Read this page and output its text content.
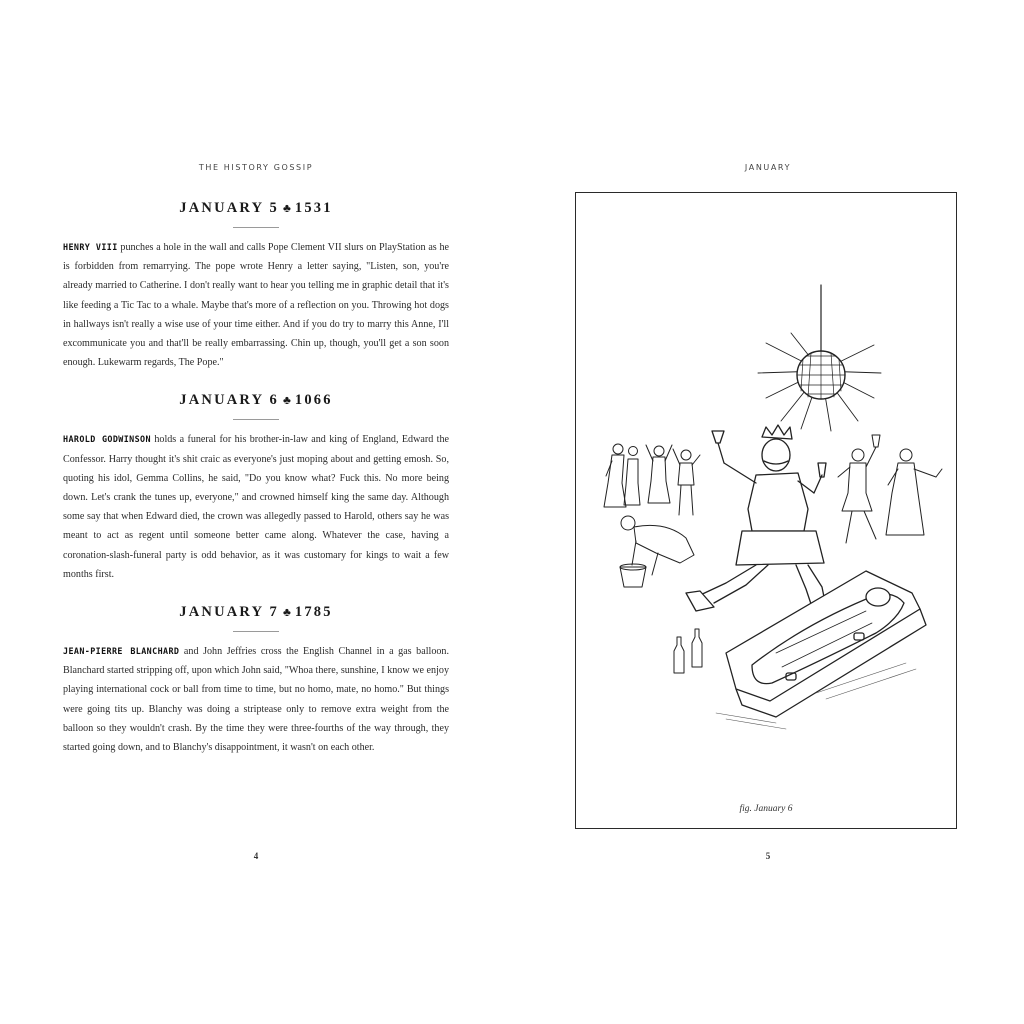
THE HISTORY GOSSIP
JANUARY 5 ♣ 1531

HENRY VIII punches a hole in the wall and calls Pope Clement VII slurs on PlayStation as he is forbidden from remarrying. The pope wrote Henry a letter saying, "Listen, son, you're already married to Catherine. I don't really want to hear you telling me in graphic detail that it's like feeding a Tic Tac to a whale. Maybe that's more of a reflection on you. Throwing hot dogs in hallways isn't really a wise use of your time either. And if you do try to marry this Anne, I'll excommunicate you and that'll be really embarrassing. Chin up, though, you'll get a son soon enough. Lukewarm regards, The Pope."

JANUARY 6 ♣ 1066

HAROLD GODWINSON holds a funeral for his brother-in-law and king of England, Edward the Confessor. Harry thought it's shit craic as everyone's just moping about and getting emosh. So, quoting his idol, Gemma Collins, he said, "Do you know what? Fuck this. No more being down. Let's crank the tunes up, everyone," and crowned himself king the same day. Although some say that when Edward died, the crown was allegedly passed to Harold, others say he was meant to act as regent until someone better came along. Whatever the case, having a coronation-slash-funeral party is odd behavior, as it was customary for kings to wait a few months first.

JANUARY 7 ♣ 1785

JEAN-PIERRE BLANCHARD and John Jeffries cross the English Channel in a gas balloon. Blanchard started stripping off, upon which John said, "Whoa there, sunshine, I know we enjoy playing international cock or ball from time to time, but no homo, mate, no homo." But things were going tits up. Blanchy was doing a striptease only to remove extra weight from the balloon so they wouldn't crash. By the time they were three-fourths of the way through, they started going down, and to Blanchy's disappointment, it wasn't on each other.

4
JANUARY
fig. January 6
5
